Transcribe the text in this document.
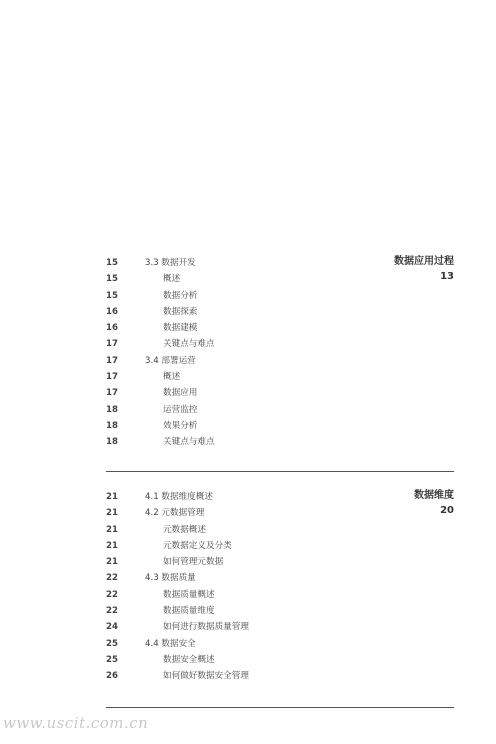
数据应用过程
13
15	3.3 数据开发
15	概述
15	数据分析
16	数据探索
16	数据建模
17	关键点与难点
17	3.4 部署运营
17	概述
17	数据应用
18	运营监控
18	效果分析
18	关键点与难点
数据维度
20
21	4.1 数据维度概述
21	4.2 元数据管理
21	元数据概述
21	元数据定义及分类
21	如何管理元数据
22	4.3 数据质量
22	数据质量概述
22	数据质量维度
24	如何进行数据质量管理
25	4.4 数据安全
25	数据安全概述
26	如何做好数据安全管理
www.uscit.com.cn
